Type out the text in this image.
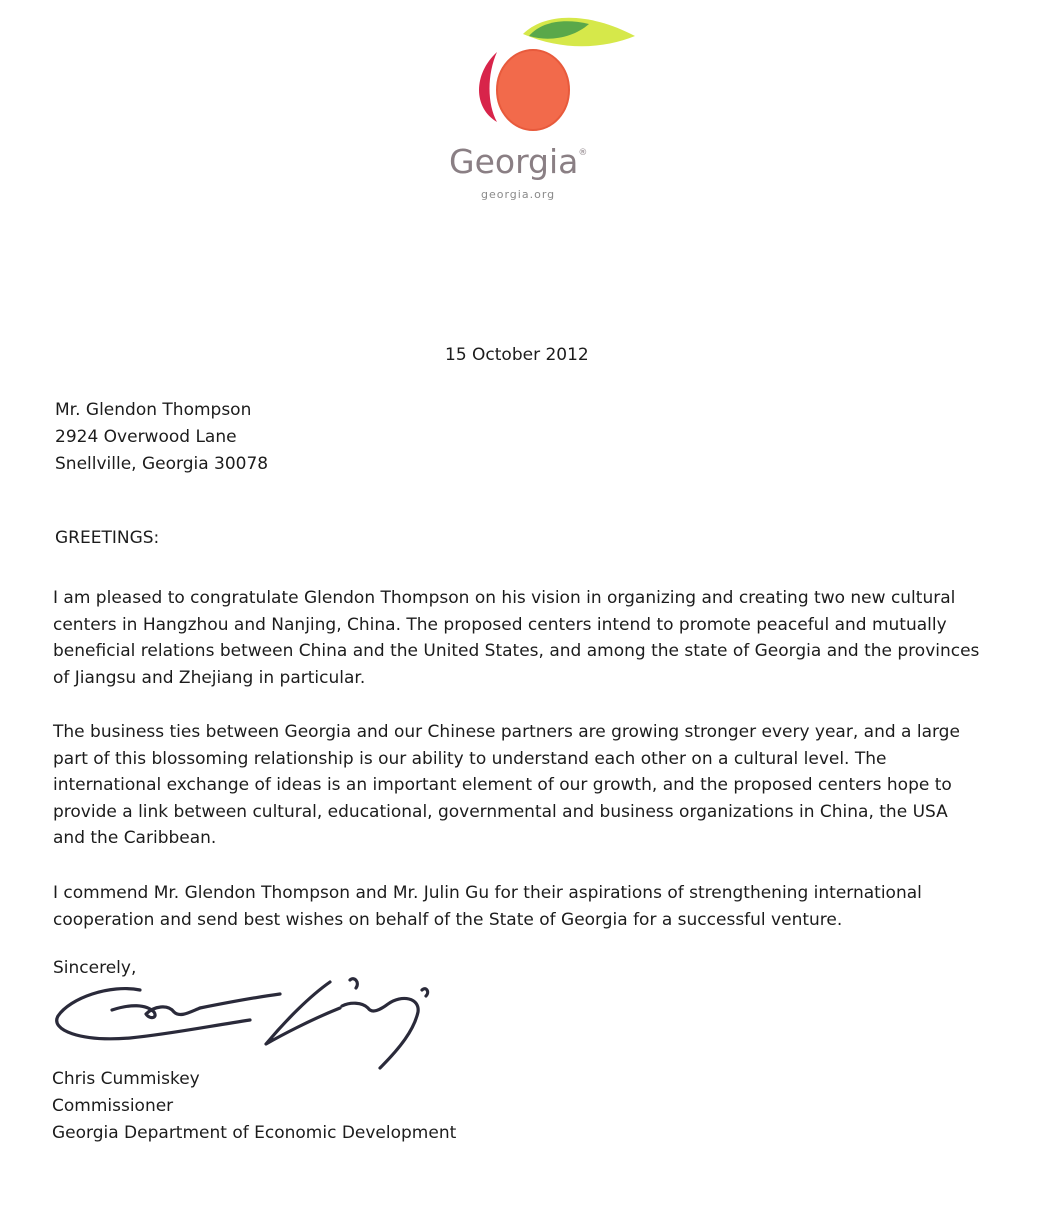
Georgia®
georgia.org
15 October 2012
Mr. Glendon Thompson
2924 Overwood Lane
Snellville, Georgia 30078
GREETINGS:

I am pleased to congratulate Glendon Thompson on his vision in organizing and creating two new cultural centers in Hangzhou and Nanjing, China. The proposed centers intend to promote peaceful and mutually beneficial relations between China and the United States, and among the state of Georgia and the provinces of Jiangsu and Zhejiang in particular.

The business ties between Georgia and our Chinese partners are growing stronger every year, and a large part of this blossoming relationship is our ability to understand each other on a cultural level. The international exchange of ideas is an important element of our growth, and the proposed centers hope to provide a link between cultural, educational, governmental and business organizations in China, the USA and the Caribbean.

I commend Mr. Glendon Thompson and Mr. Julin Gu for their aspirations of strengthening international cooperation and send best wishes on behalf of the State of Georgia for a successful venture.

Sincerely,
Chris Cummiskey
Commissioner
Georgia Department of Economic Development
